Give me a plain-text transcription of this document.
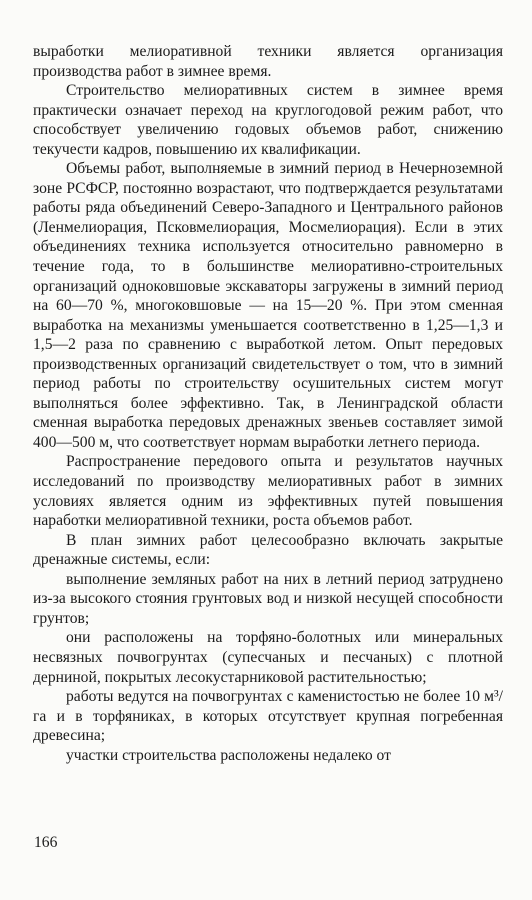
выработки мелиоративной техники является организация производства работ в зимнее время.

Строительство мелиоративных систем в зимнее время практически означает переход на круглогодовой режим работ, что способствует увеличению годовых объемов работ, снижению текучести кадров, повышению их квалификации.

Объемы работ, выполняемые в зимний период в Нечерноземной зоне РСФСР, постоянно возрастают, что подтверждается результатами работы ряда объединений Северо-Западного и Центрального районов (Ленмелиорация, Псковмелиорация, Мосмелиорация). Если в этих объединениях техника используется относительно равномерно в течение года, то в большинстве мелиоративно-строительных организаций одноковшовые экскаваторы загружены в зимний период на 60—70 %, многоковшовые — на 15—20 %. При этом сменная выработка на механизмы уменьшается соответственно в 1,25—1,3 и 1,5—2 раза по сравнению с выработкой летом. Опыт передовых производственных организаций свидетельствует о том, что в зимний период работы по строительству осушительных систем могут выполняться более эффективно. Так, в Ленинградской области сменная выработка передовых дренажных звеньев составляет зимой 400—500 м, что соответствует нормам выработки летнего периода.

Распространение передового опыта и результатов научных исследований по производству мелиоративных работ в зимних условиях является одним из эффективных путей повышения наработки мелиоративной техники, роста объемов работ.

В план зимних работ целесообразно включать закрытые дренажные системы, если:

выполнение земляных работ на них в летний период затруднено из-за высокого стояния грунтовых вод и низкой несущей способности грунтов;

они расположены на торфяно-болотных или минеральных несвязных почвогрунтах (супесчаных и песчаных) с плотной дерниной, покрытых лесокустарниковой растительностью;

работы ведутся на почвогрунтах с каменистостью не более 10 м³/га и в торфяниках, в которых отсутствует крупная погребенная древесина;

участки строительства расположены недалеко от

166
